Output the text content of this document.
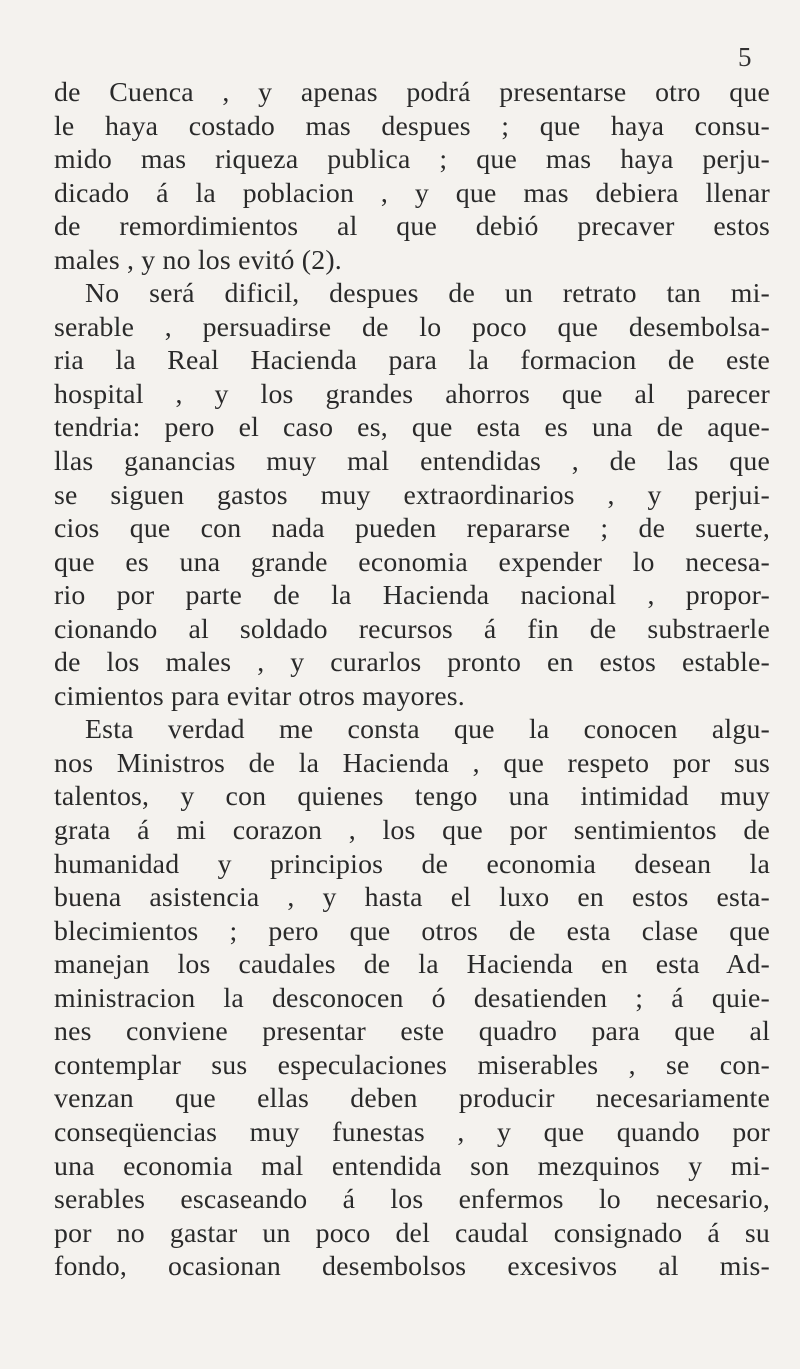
5
de Cuenca , y apenas podrá presentarse otro que
le haya costado mas despues ; que haya consu-
mido mas riqueza publica ; que mas haya perju-
dicado á la poblacion , y que mas debiera llenar
de remordimientos al que debió precaver estos
males , y no los evitó (2).
No será dificil, despues de un retrato tan mi-
serable , persuadirse de lo poco que desembolsa-
ria la Real Hacienda para la formacion de este
hospital , y los grandes ahorros que al parecer
tendria: pero el caso es, que esta es una de aque-
llas ganancias muy mal entendidas , de las que
se siguen gastos muy extraordinarios , y perjui-
cios que con nada pueden repararse ; de suerte,
que es una grande economia expender lo necesa-
rio por parte de la Hacienda nacional , propor-
cionando al soldado recursos á fin de substraerle
de los males , y curarlos pronto en estos estable-
cimientos para evitar otros mayores.
Esta verdad me consta que la conocen algu-
nos Ministros de la Hacienda , que respeto por sus
talentos, y con quienes tengo una intimidad muy
grata á mi corazon , los que por sentimientos de
humanidad y principios de economia desean la
buena asistencia , y hasta el luxo en estos esta-
blecimientos ; pero que otros de esta clase que
manejan los caudales de la Hacienda en esta Ad-
ministracion la desconocen ó desatienden ; á quie-
nes conviene presentar este quadro para que al
contemplar sus especulaciones miserables , se con-
venzan que ellas deben producir necesariamente
conseqüencias muy funestas , y que quando por
una economia mal entendida son mezquinos y mi-
serables escaseando á los enfermos lo necesario,
por no gastar un poco del caudal consignado á su
fondo, ocasionan desembolsos excesivos al mis-
